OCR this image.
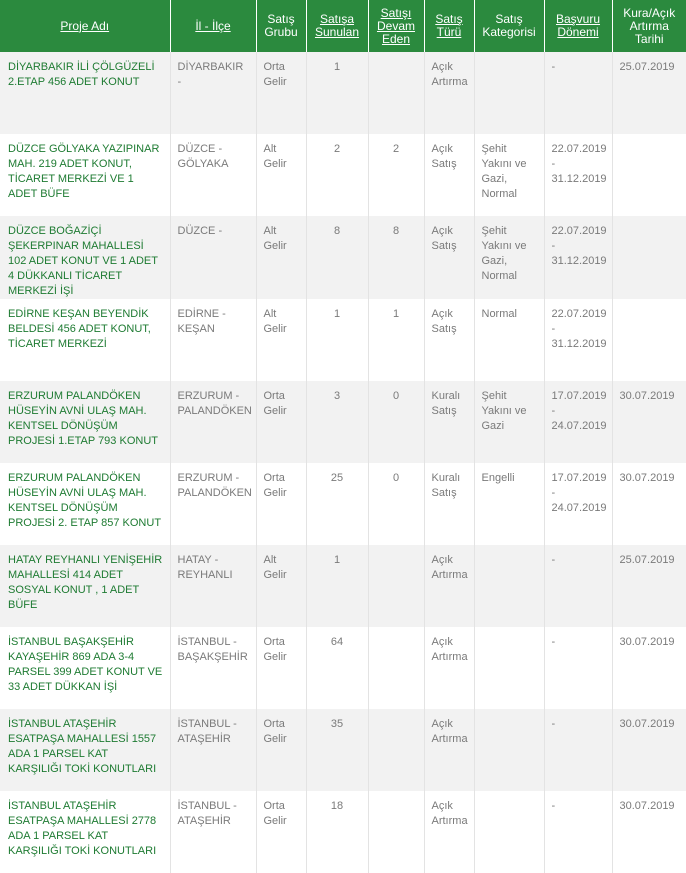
Proje Adı	İl - İlçe	Satış Grubu	Satışa Sunulan	Satışı Devam Eden	Satış Türü	Satış Kategorisi	Başvuru Dönemi	Kura/Açık Artırma Tarihi
DİYARBAKIR İLİ ÇÖLGÜZELİ 2.ETAP 456 ADET KONUT	DİYARBAKIR -	Orta Gelir	1		Açık Artırma		-	25.07.2019
DÜZCE GÖLYAKA YAZIPINAR MAH. 219 ADET KONUT, TİCARET MERKEZİ VE 1 ADET BÜFE	DÜZCE - GÖLYAKA	Alt Gelir	2	2	Açık Satış	Şehit Yakını ve Gazi, Normal	22.07.2019 - 31.12.2019	
DÜZCE BOĞAZİÇİ ŞEKERPINAR MAHALLESİ 102 ADET KONUT VE 1 ADET 4 DÜKKANLI TİCARET MERKEZİ İŞİ	DÜZCE -	Alt Gelir	8	8	Açık Satış	Şehit Yakını ve Gazi, Normal	22.07.2019 - 31.12.2019	
EDİRNE KEŞAN BEYENDİK BELDESİ 456 ADET KONUT, TİCARET MERKEZİ	EDİRNE - KEŞAN	Alt Gelir	1	1	Açık Satış	Normal	22.07.2019 - 31.12.2019	
ERZURUM PALANDÖKEN HÜSEYİN AVNİ ULAŞ MAH. KENTSEL DÖNÜŞÜM PROJESİ 1.ETAP 793 KONUT	ERZURUM - PALANDÖKEN	Orta Gelir	3	0	Kuralı Satış	Şehit Yakını ve Gazi	17.07.2019 - 24.07.2019	30.07.2019
ERZURUM PALANDÖKEN HÜSEYİN AVNİ ULAŞ MAH. KENTSEL DÖNÜŞÜM PROJESİ 2. ETAP 857 KONUT	ERZURUM - PALANDÖKEN	Orta Gelir	25	0	Kuralı Satış	Engelli	17.07.2019 - 24.07.2019	30.07.2019
HATAY REYHANLI YENİŞEHİR MAHALLESİ 414 ADET SOSYAL KONUT , 1 ADET BÜFE	HATAY - REYHANLI	Alt Gelir	1		Açık Artırma		-	25.07.2019
İSTANBUL BAŞAKŞEHİR KAYAŞEHİR 869 ADA 3-4 PARSEL 399 ADET KONUT VE 33 ADET DÜKKAN İŞİ	İSTANBUL - BAŞAKŞEHİR	Orta Gelir	64		Açık Artırma		-	30.07.2019
İSTANBUL ATAŞEHİR ESATPAŞA MAHALLESİ 1557 ADA 1 PARSEL KAT KARŞILIĞI TOKİ KONUTLARI	İSTANBUL - ATAŞEHİR	Orta Gelir	35		Açık Artırma		-	30.07.2019
İSTANBUL ATAŞEHİR ESATPAŞA MAHALLESİ 2778 ADA 1 PARSEL KAT KARŞILIĞI TOKİ KONUTLARI	İSTANBUL - ATAŞEHİR	Orta Gelir	18		Açık Artırma		-	30.07.2019
